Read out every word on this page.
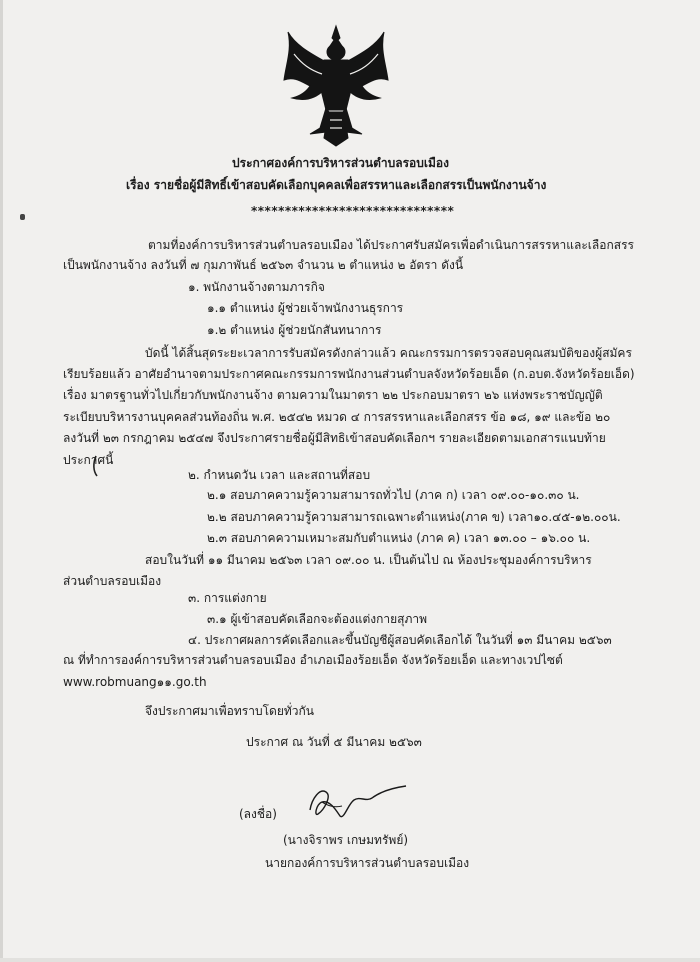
ประกาศองค์การบริหารส่วนตำบลรอบเมือง
เรื่อง รายชื่อผู้มีสิทธิ์เข้าสอบคัดเลือกบุคคลเพื่อสรรหาและเลือกสรรเป็นพนักงานจ้าง
******************************
ตามที่องค์การบริหารส่วนตำบลรอบเมือง ได้ประกาศรับสมัครเพื่อดำเนินการสรรหาและเลือกสรร
เป็นพนักงานจ้าง ลงวันที่ ๗ กุมภาพันธ์ ๒๕๖๓ จำนวน ๒ ตำแหน่ง ๒ อัตรา ดังนี้
๑. พนักงานจ้างตามภารกิจ
๑.๑ ตำแหน่ง ผู้ช่วยเจ้าพนักงานธุรการ
๑.๒ ตำแหน่ง ผู้ช่วยนักสันทนาการ
บัดนี้ ได้สิ้นสุดระยะเวลาการรับสมัครดังกล่าวแล้ว คณะกรรมการตรวจสอบคุณสมบัติของผู้สมัคร
เรียบร้อยแล้ว อาศัยอำนาจตามประกาศคณะกรรมการพนักงานส่วนตำบลจังหวัดร้อยเอ็ด (ก.อบต.จังหวัดร้อยเอ็ด)
เรื่อง มาตรฐานทั่วไปเกี่ยวกับพนักงานจ้าง ตามความในมาตรา ๒๒ ประกอบมาตรา ๒๖ แห่งพระราชบัญญัติ
ระเบียบบริหารงานบุคคลส่วนท้องถิ่น พ.ศ. ๒๕๔๒ หมวด ๔ การสรรหาและเลือกสรร ข้อ ๑๘, ๑๙ และข้อ ๒๐
ลงวันที่ ๒๓ กรกฎาคม ๒๕๔๗ จึงประกาศรายชื่อผู้มีสิทธิเข้าสอบคัดเลือกฯ รายละเอียดตามเอกสารแนบท้าย
ประกาศนี้
๒. กำหนดวัน เวลา และสถานที่สอบ
๒.๑ สอบภาคความรู้ความสามารถทั่วไป (ภาค ก) เวลา ๐๙.๐๐-๑๐.๓๐ น.
๒.๒ สอบภาคความรู้ความสามารถเฉพาะตำแหน่ง(ภาค ข) เวลา๑๐.๔๕-๑๒.๐๐น.
๒.๓ สอบภาคความเหมาะสมกับตำแหน่ง (ภาค ค) เวลา ๑๓.๐๐ – ๑๖.๐๐ น.
สอบในวันที่ ๑๑ มีนาคม ๒๕๖๓ เวลา ๐๙.๐๐ น. เป็นต้นไป ณ ห้องประชุมองค์การบริหาร
ส่วนตำบลรอบเมือง
๓. การแต่งกาย
๓.๑ ผู้เข้าสอบคัดเลือกจะต้องแต่งกายสุภาพ
๔. ประกาศผลการคัดเลือกและขึ้นบัญชีผู้สอบคัดเลือกได้ ในวันที่ ๑๓ มีนาคม ๒๕๖๓
ณ ที่ทำการองค์การบริหารส่วนตำบลรอบเมือง อำเภอเมืองร้อยเอ็ด จังหวัดร้อยเอ็ด และทางเวปไซต์
www.robmuang๑๑.go.th
จึงประกาศมาเพื่อทราบโดยทั่วกัน
ประกาศ ณ วันที่ ๕ มีนาคม ๒๕๖๓
(ลงชื่อ)
(นางจิราพร เกษมทรัพย์)
นายกองค์การบริหารส่วนตำบลรอบเมือง
